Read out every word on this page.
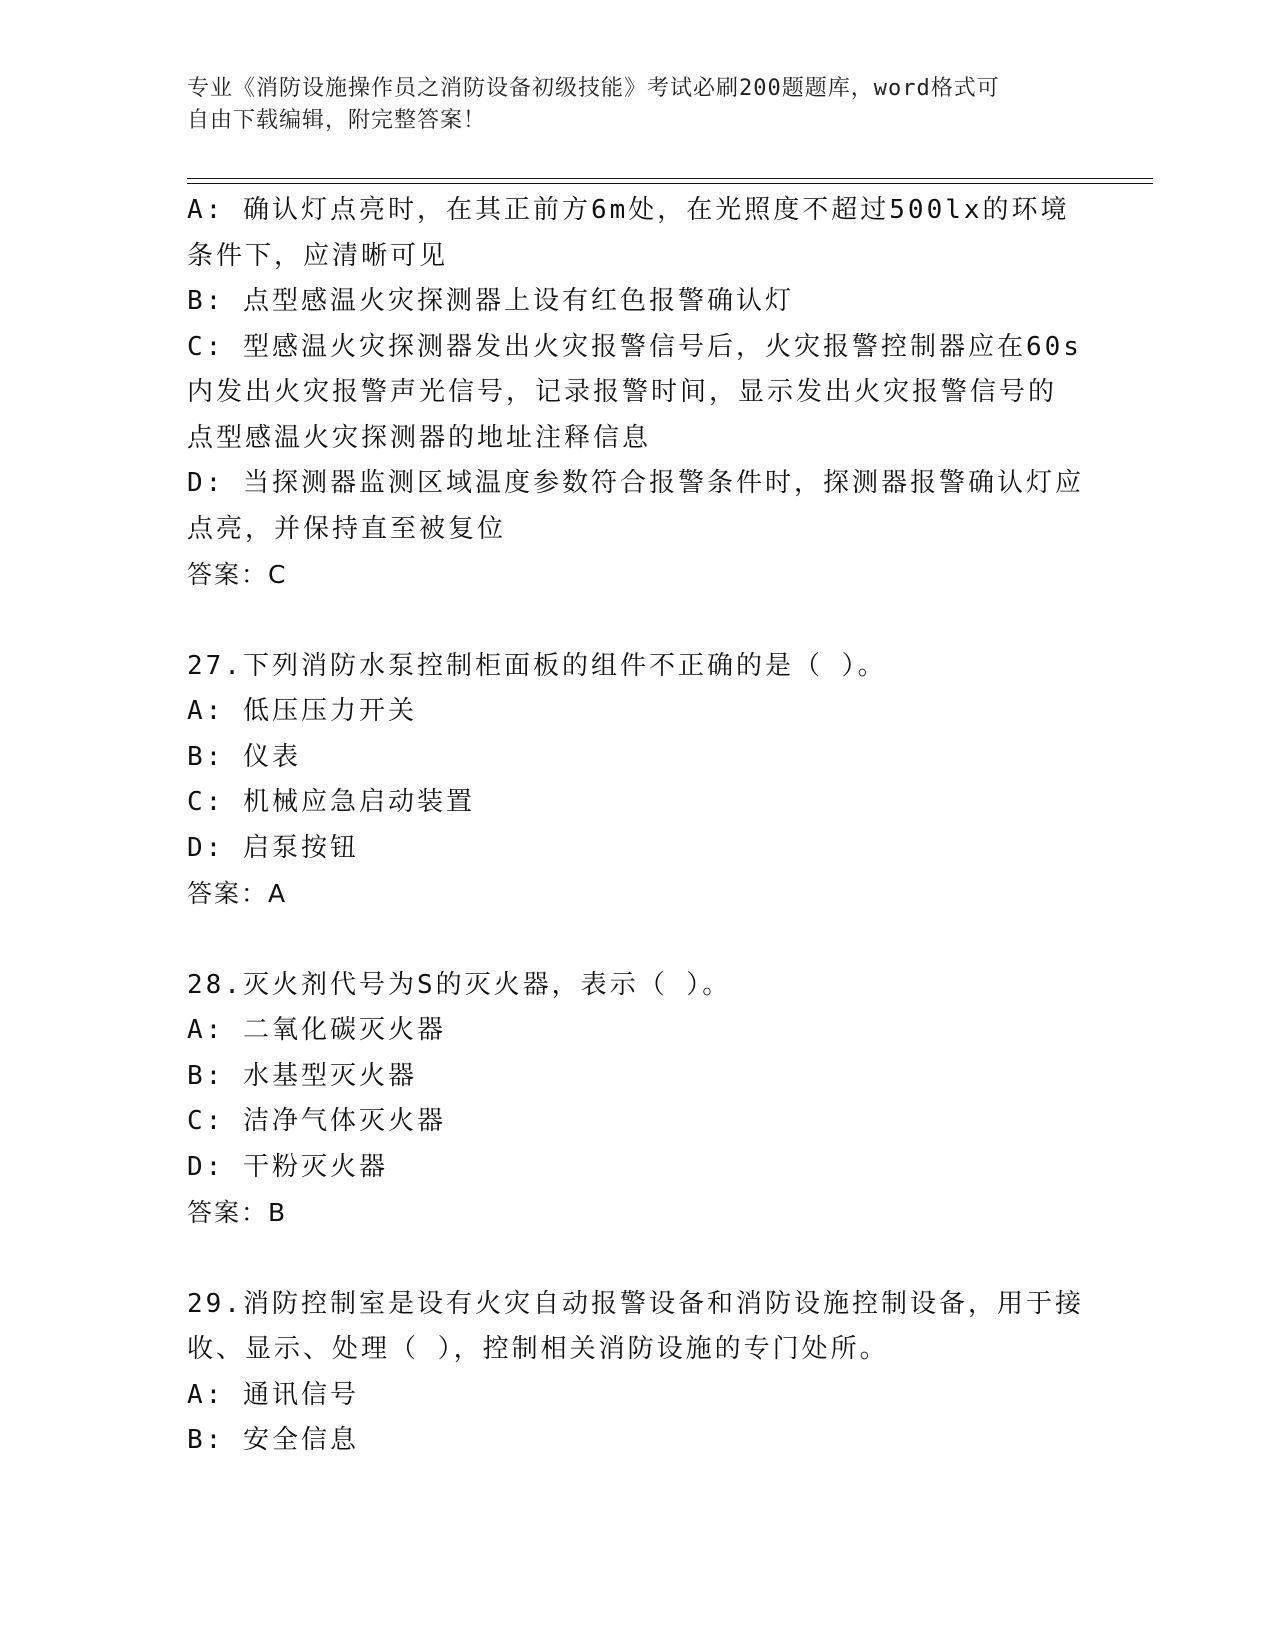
专业《消防设施操作员之消防设备初级技能》考试必刷200题题库，word格式可
自由下载编辑，附完整答案！
A: 确认灯点亮时，在其正前方6m处，在光照度不超过500lx的环境
条件下，应清晰可见
B: 点型感温火灾探测器上设有红色报警确认灯
C: 型感温火灾探测器发出火灾报警信号后，火灾报警控制器应在60s
内发出火灾报警声光信号，记录报警时间，显示发出火灾报警信号的
点型感温火灾探测器的地址注释信息
D: 当探测器监测区域温度参数符合报警条件时，探测器报警确认灯应
点亮，并保持直至被复位
答案：C
27.下列消防水泵控制柜面板的组件不正确的是（ ）。
A: 低压压力开关
B: 仪表
C: 机械应急启动装置
D: 启泵按钮
答案：A
28.灭火剂代号为S的灭火器，表示（ ）。
A: 二氧化碳灭火器
B: 水基型灭火器
C: 洁净气体灭火器
D: 干粉灭火器
答案：B
29.消防控制室是设有火灾自动报警设备和消防设施控制设备，用于接
收、显示、处理（ ），控制相关消防设施的专门处所。
A: 通讯信号
B: 安全信息
